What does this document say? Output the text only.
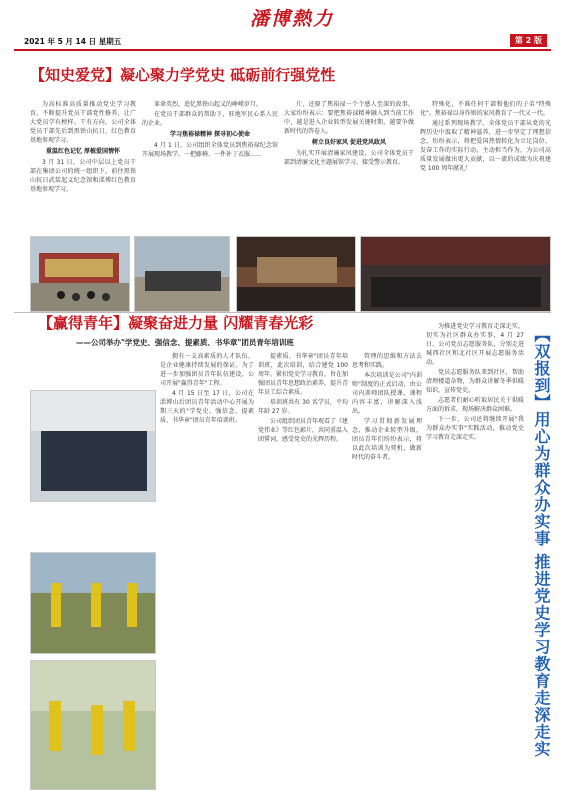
潘博熱力
2021 年 5 月 14 日 星期五	第 2 版
【知史爱党】凝心聚力学党史 砥砺前行强党性

为高标准高质量推动党史学习教育，不断提升党员干部党性修养，让广大党员学有榜样、干有方向，公司全体党员干部先后到黑铁山抗日、红色教育基地参观学习。

重温红色记忆 厚植爱国情怀

3 月 31 日，公司中层以上党员干部在集团公司的统一组织下，前往黑铁山抗日武装起义纪念馆和淄博红色教育基地参观学习。

革命英烈，追忆黑铁山起义的峥嵘岁月。

在党员干部群众的帮助下，驻地军民心系人民的企业。

学习焦裕禄精神 探寻初心使命

4 月 1 日，公司组织全体党员到焦裕禄纪念馆开展现场教学。一把藤椅、一件补丁衣服……

片，还原了焦裕禄一个个感人至深的故事。大家纷纷表示：要把焦裕禄精神融入到当前工作中，越是进入企业转型发展关键时期，越要争做新时代的答卷人。

树立良好家风 促进党风政风

为扎实开展清廉家风建设，公司全体党员干部到清廉文化主题展馆学习，接受警示教育。

特殊化，不准任何干部和他们的子弟"特殊化"。焦裕禄以身作则的家风教育了一代又一代。

通过系列现场教学，全体党员干部从党的光辉历史中汲取了精神滋养，进一步坚定了理想信念，纷纷表示，将把爱国热情转化为立足岗位、发奋工作的实际行动，主动担当作为，为公司高质量发展做出更大贡献，以一流的成绩为庆祝建党 100 周年献礼！

【赢得青年】凝聚奋进力量 闪耀青春光彩
——公司举办"学党史、强信念、提素质、书华章"团员青年培训班

拥有一支高素质的人才队伍，是企业健康持续发展的保证。为了进一步加强团员青年队伍建设，公司开展"赢得青年"工程。

4 月 15 日至 17 日，公司在淄博山后团员青年活动中心开展为期三天的"学党史、强信念、提素质、书华章"团员青年培训班。

提素质、书华章"团员青年培训班，此次培训，结合建党 100 周年，紧扣党史学习教育，旨在加强团员青年思想政治素养，提升青年员工综合素质。

培训班共有 30 名学员，平均年龄 27 岁。

公司组织团员青年观看了《建党伟业》等红色影片，共同重温入团誓词，感受党史的光辉历程。

管理的思维和方法去思考和实践。

本次培训是公司"内训师"制度的正式启动，由公司内训师团队授课，课程内容丰富，讲解深入浅出。

学习贯彻新发展理念，推动企业转型升级，团员青年们纷纷表示，将以此次培训为契机，做新时代的奋斗者。

为推进党史学习教育走深走实，切实为社区群众办实事，4 月 27 日，公司党员志愿服务队，分别走进城西社区和北社区开展志愿服务活动。

党员志愿服务队来到社区，帮助清理楼道杂物，为群众讲解冬季供暖知识，宣传党史。

志愿者们耐心听取居民关于供暖方面的诉求，现场解决群众困难。

下一步，公司还将继续开展"我为群众办实事"实践活动，推动党史学习教育走深走实。	【双报到】用心为群众办实事 推进党史学习教育走深走实
